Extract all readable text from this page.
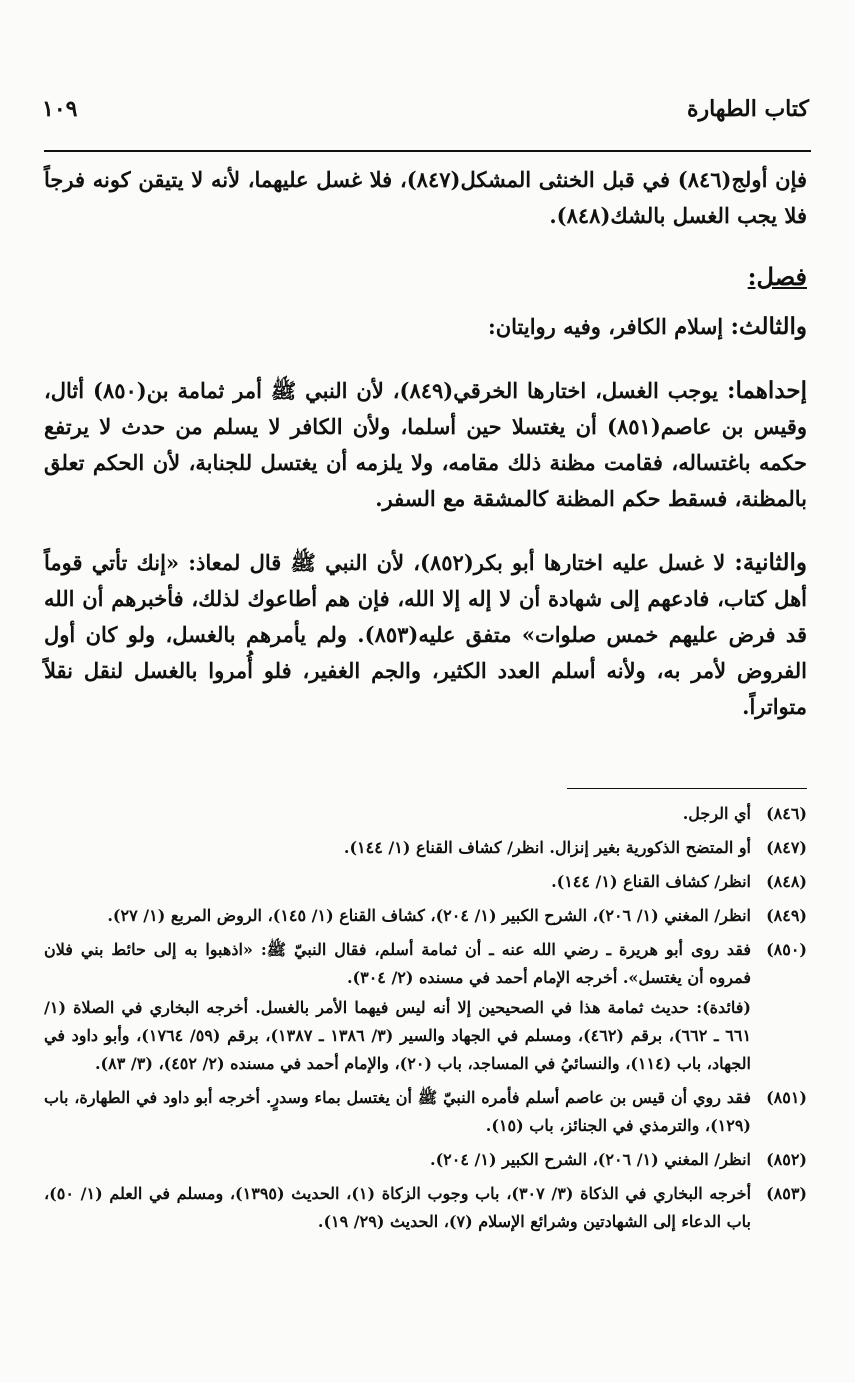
كتاب الطهارة
١٠٩

فإن أولج(٨٤٦) في قبل الخنثى المشكل(٨٤٧)، فلا غسل عليهما، لأنه لا يتيقن كونه فرجاً فلا يجب الغسل بالشك(٨٤٨).

فصل:

والثالث: إسلام الكافر، وفيه روايتان:

إحداهما: يوجب الغسل، اختارها الخرقي(٨٤٩)، لأن النبي ﷺ أمر ثمامة بن(٨٥٠) أثال، وقيس بن عاصم(٨٥١) أن يغتسلا حين أسلما، ولأن الكافر لا يسلم من حدث لا يرتفع حكمه باغتساله، فقامت مظنة ذلك مقامه، ولا يلزمه أن يغتسل للجنابة، لأن الحكم تعلق بالمظنة، فسقط حكم المظنة كالمشقة مع السفر.

والثانية: لا غسل عليه اختارها أبو بكر(٨٥٢)، لأن النبي ﷺ قال لمعاذ: «إنك تأتي قوماً أهل كتاب، فادعهم إلى شهادة أن لا إله إلا الله، فإن هم أطاعوك لذلك، فأخبرهم أن الله قد فرض عليهم خمس صلوات» متفق عليه(٨٥٣). ولم يأمرهم بالغسل، ولو كان أول الفروض لأمر به، ولأنه أسلم العدد الكثير، والجم الغفير، فلو أُمروا بالغسل لنقل نقلاً متواتراً.

(٨٤٦)
أي الرجل.
(٨٤٧)
أو المتضح الذكورية بغير إنزال. انظر/ كشاف القناع (١/ ١٤٤).
(٨٤٨)
انظر/ كشاف القناع (١/ ١٤٤).
(٨٤٩)
انظر/ المغني (١/ ٢٠٦)، الشرح الكبير (١/ ٢٠٤)، كشاف القناع (١/ ١٤٥)، الروض المربع (١/ ٢٧).
(٨٥٠)
فقد روى أبو هريرة ـ رضي الله عنه ـ أن ثمامة أسلم، فقال النبيّ ﷺ: «اذهبوا به إلى حائط بني فلان فمروه أن يغتسل». أخرجه الإمام أحمد في مسنده (٢/ ٣٠٤).
(فائدة): حديث ثمامة هذا في الصحيحين إلا أنه ليس فيهما الأمر بالغسل. أخرجه البخاري في الصلاة (١/ ٦٦١ ـ ٦٦٢)، برقم (٤٦٢)، ومسلم في الجهاد والسير (٣/ ١٣٨٦ ـ ١٣٨٧)، برقم (٥٩/ ١٧٦٤)، وأبو داود في الجهاد، باب (١١٤)، والنسائيُ في المساجد، باب (٢٠)، والإمام أحمد في مسنده (٢/ ٤٥٢)، (٣/ ٨٣).
(٨٥١)
فقد روي أن قيس بن عاصم أسلم فأمره النبيّ ﷺ أن يغتسل بماء وسدرٍ. أخرجه أبو داود في الطهارة، باب (١٢٩)، والترمذي في الجنائز، باب (١٥).
(٨٥٢)
انظر/ المغني (١/ ٢٠٦)، الشرح الكبير (١/ ٢٠٤).
(٨٥٣)
أخرجه البخاري في الذكاة (٣/ ٣٠٧)، باب وجوب الزكاة (١)، الحديث (١٣٩٥)، ومسلم في العلم (١/ ٥٠)، باب الدعاء إلى الشهادتين وشرائع الإسلام (٧)، الحديث (٢٩/ ١٩).
